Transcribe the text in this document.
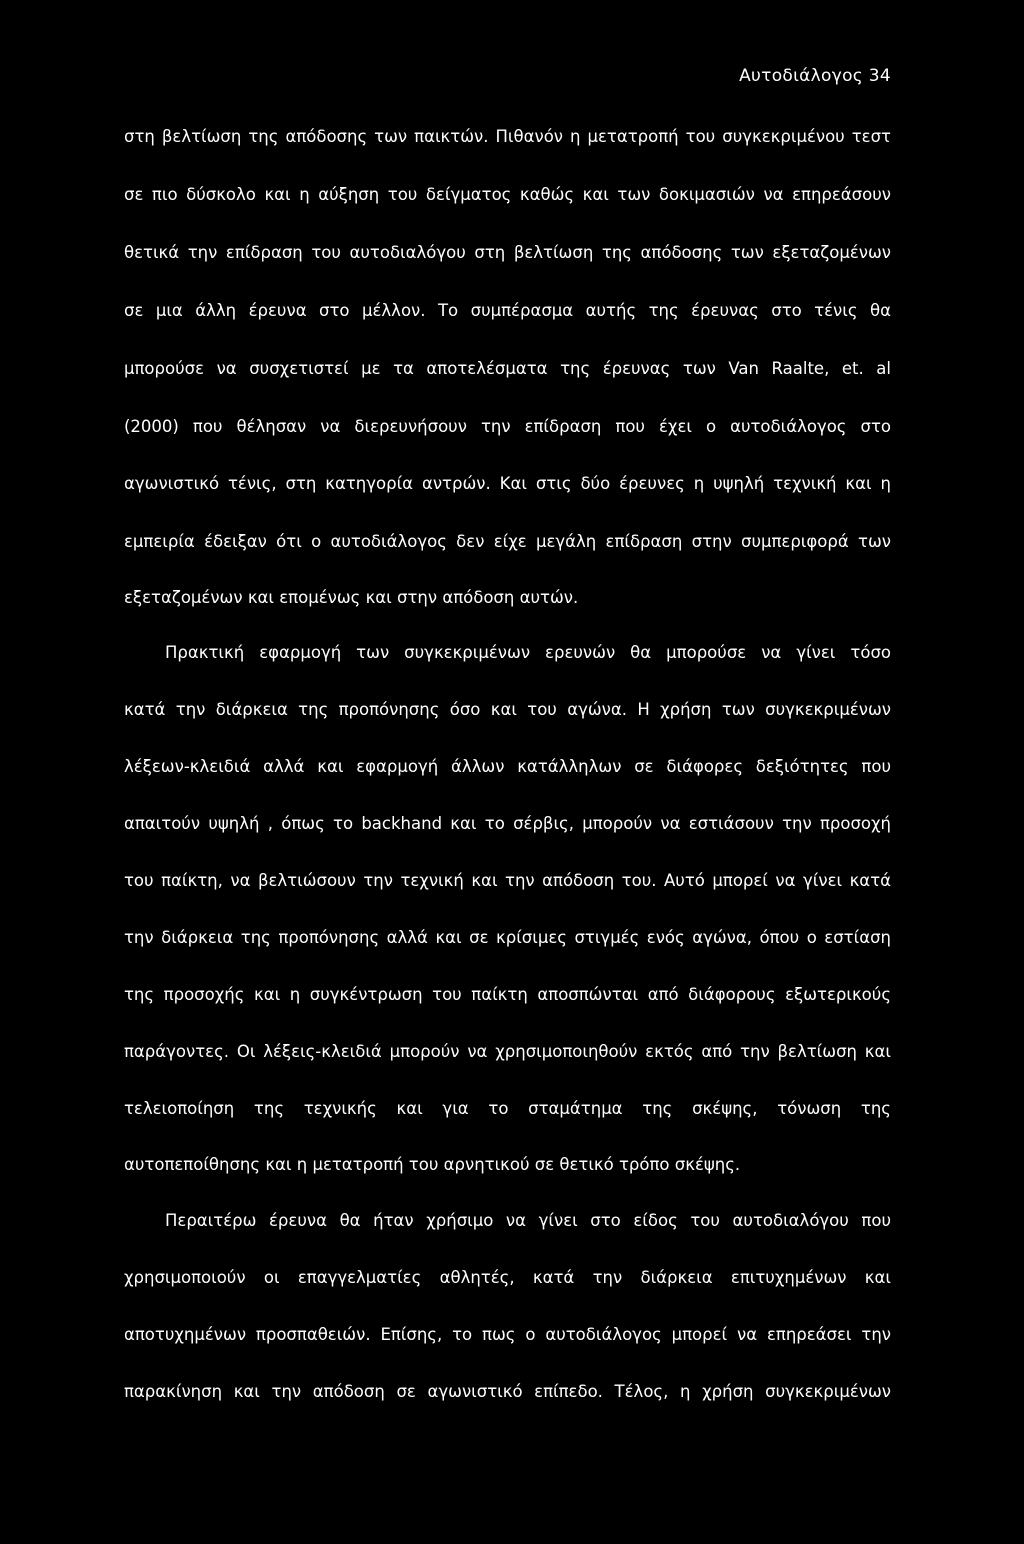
Αυτοδιάλογος 34
στη βελτίωση της απόδοσης των παικτών. Πιθανόν η μετατροπή του συγκεκριμένου τεστ
σε πιο δύσκολο και η αύξηση του δείγματος καθώς και των δοκιμασιών να επηρεάσουν
θετικά την επίδραση του αυτοδιαλόγου στη βελτίωση της απόδοσης των εξεταζομένων
σε μια άλλη έρευνα στο μέλλον. Το συμπέρασμα αυτής της έρευνας στο τένις θα
μπορούσε να συσχετιστεί με τα αποτελέσματα της έρευνας των Van Raalte, et. al
(2000) που θέλησαν να διερευνήσουν την επίδραση που έχει ο αυτοδιάλογος στο
αγωνιστικό τένις, στη κατηγορία αντρών. Και στις δύο έρευνες η υψηλή τεχνική και η
εμπειρία έδειξαν ότι ο αυτοδιάλογος δεν είχε μεγάλη επίδραση στην συμπεριφορά των
εξεταζομένων και επομένως και στην απόδοση αυτών.
Πρακτική εφαρμογή των συγκεκριμένων ερευνών θα μπορούσε να γίνει τόσο
κατά την διάρκεια της προπόνησης όσο και του αγώνα. Η χρήση των συγκεκριμένων
λέξεων-κλειδιά αλλά και εφαρμογή άλλων κατάλληλων σε διάφορες δεξιότητες που
απαιτούν υψηλή , όπως το backhand και το σέρβις, μπορούν να εστιάσουν την προσοχή
του παίκτη, να βελτιώσουν την τεχνική και την απόδοση του. Αυτό μπορεί να γίνει κατά
την διάρκεια της προπόνησης αλλά και σε κρίσιμες στιγμές ενός αγώνα, όπου ο εστίαση
της προσοχής και η συγκέντρωση του παίκτη αποσπώνται από διάφορους εξωτερικούς
παράγοντες. Οι λέξεις-κλειδιά μπορούν να χρησιμοποιηθούν εκτός από την βελτίωση και
τελειοποίηση της τεχνικής και για το σταμάτημα της σκέψης, τόνωση της
αυτοπεποίθησης και η μετατροπή του αρνητικού σε θετικό τρόπο σκέψης.
Περαιτέρω έρευνα θα ήταν χρήσιμο να γίνει στο είδος του αυτοδιαλόγου που
χρησιμοποιούν οι επαγγελματίες αθλητές, κατά την διάρκεια επιτυχημένων και
αποτυχημένων προσπαθειών. Επίσης, το πως ο αυτοδιάλογος μπορεί να επηρεάσει την
παρακίνηση και την απόδοση σε αγωνιστικό επίπεδο. Τέλος, η χρήση συγκεκριμένων
